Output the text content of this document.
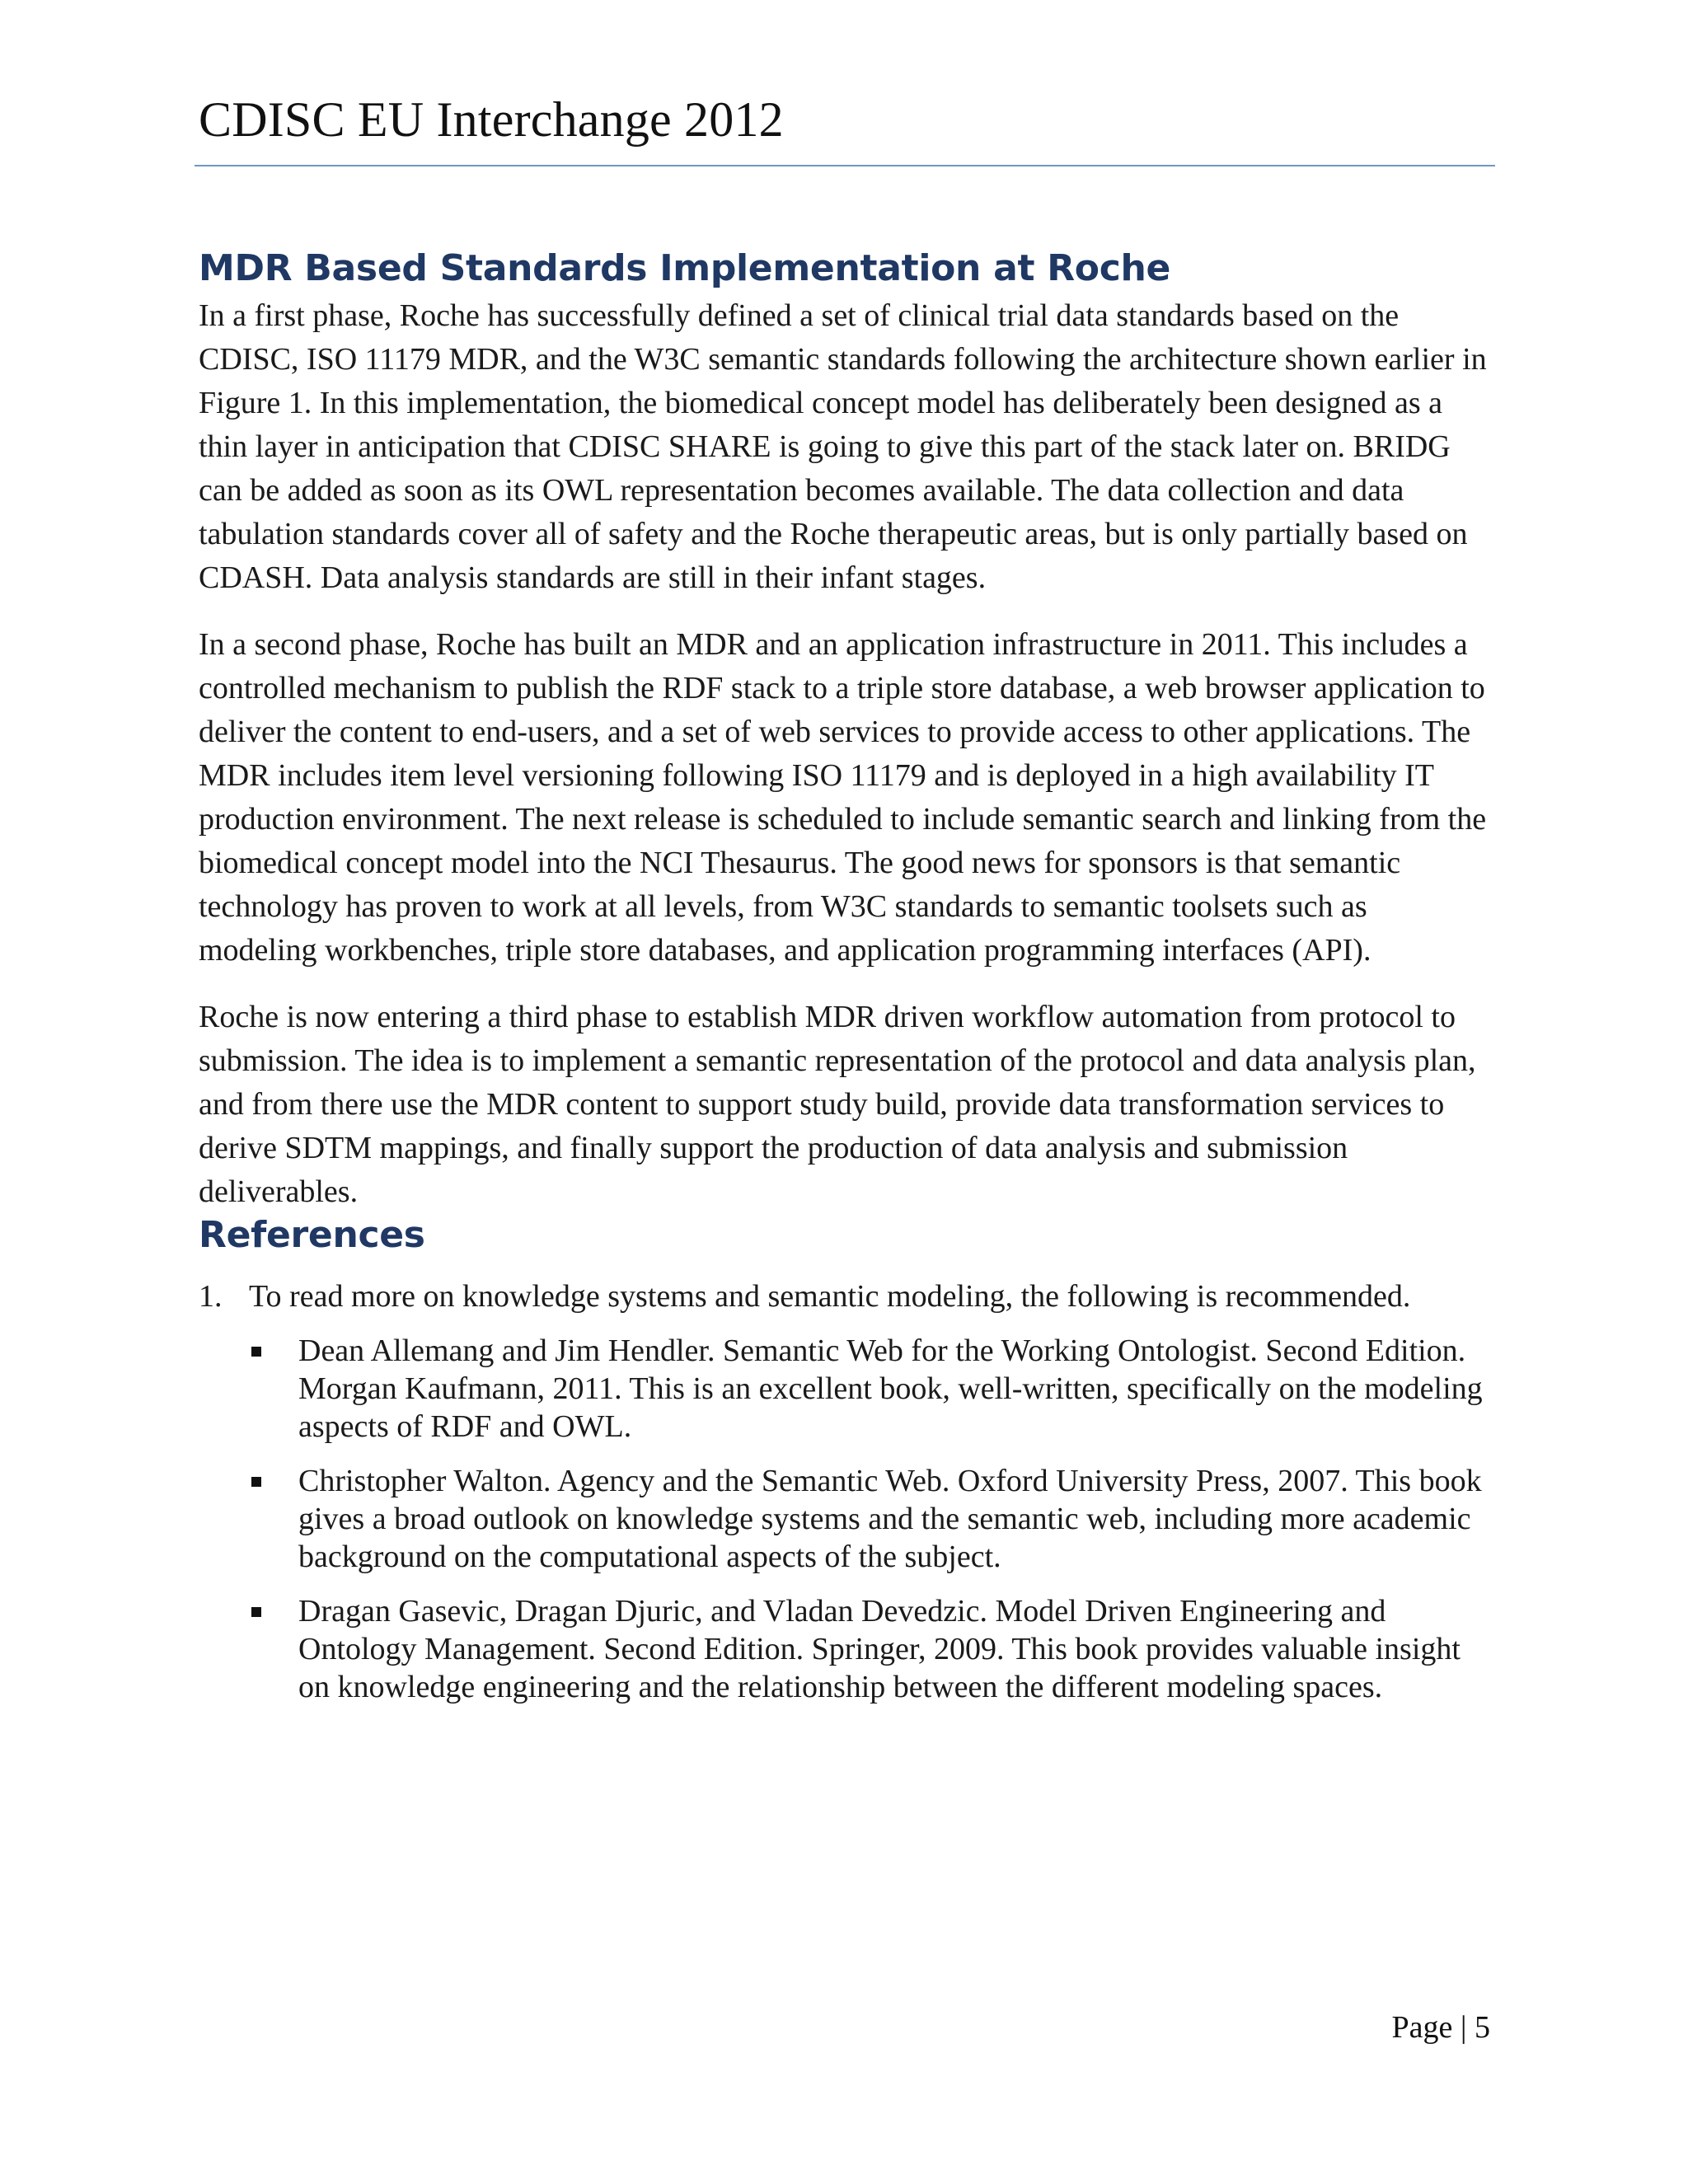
CDISC EU Interchange 2012
MDR Based Standards Implementation at Roche

In a first phase, Roche has successfully defined a set of clinical trial data standards based on the CDISC, ISO 11179 MDR, and the W3C semantic standards following the architecture shown earlier in Figure 1. In this implementation, the biomedical concept model has deliberately been designed as a thin layer in anticipation that CDISC SHARE is going to give this part of the stack later on. BRIDG can be added as soon as its OWL representation becomes available. The data collection and data tabulation standards cover all of safety and the Roche therapeutic areas, but is only partially based on CDASH. Data analysis standards are still in their infant stages.

In a second phase, Roche has built an MDR and an application infrastructure in 2011. This includes a controlled mechanism to publish the RDF stack to a triple store database, a web browser application to deliver the content to end-users, and a set of web services to provide access to other applications. The MDR includes item level versioning following ISO 11179 and is deployed in a high availability IT production environment. The next release is scheduled to include semantic search and linking from the biomedical concept model into the NCI Thesaurus. The good news for sponsors is that semantic technology has proven to work at all levels, from W3C standards to semantic toolsets such as modeling workbenches, triple store databases, and application programming interfaces (API).

Roche is now entering a third phase to establish MDR driven workflow automation from protocol to submission. The idea is to implement a semantic representation of the protocol and data analysis plan, and from there use the MDR content to support study build, provide data transformation services to derive SDTM mappings, and finally support the production of data analysis and submission deliverables.

References
1. To read more on knowledge systems and semantic modeling, the following is recommended.
Dean Allemang and Jim Hendler. Semantic Web for the Working Ontologist. Second Edition. Morgan Kaufmann, 2011. This is an excellent book, well-written, specifically on the modeling aspects of RDF and OWL.
Christopher Walton. Agency and the Semantic Web. Oxford University Press, 2007. This book gives a broad outlook on knowledge systems and the semantic web, including more academic background on the computational aspects of the subject.
Dragan Gasevic, Dragan Djuric, and Vladan Devedzic. Model Driven Engineering and Ontology Management. Second Edition. Springer, 2009. This book provides valuable insight on knowledge engineering and the relationship between the different modeling spaces.
Page | 5
